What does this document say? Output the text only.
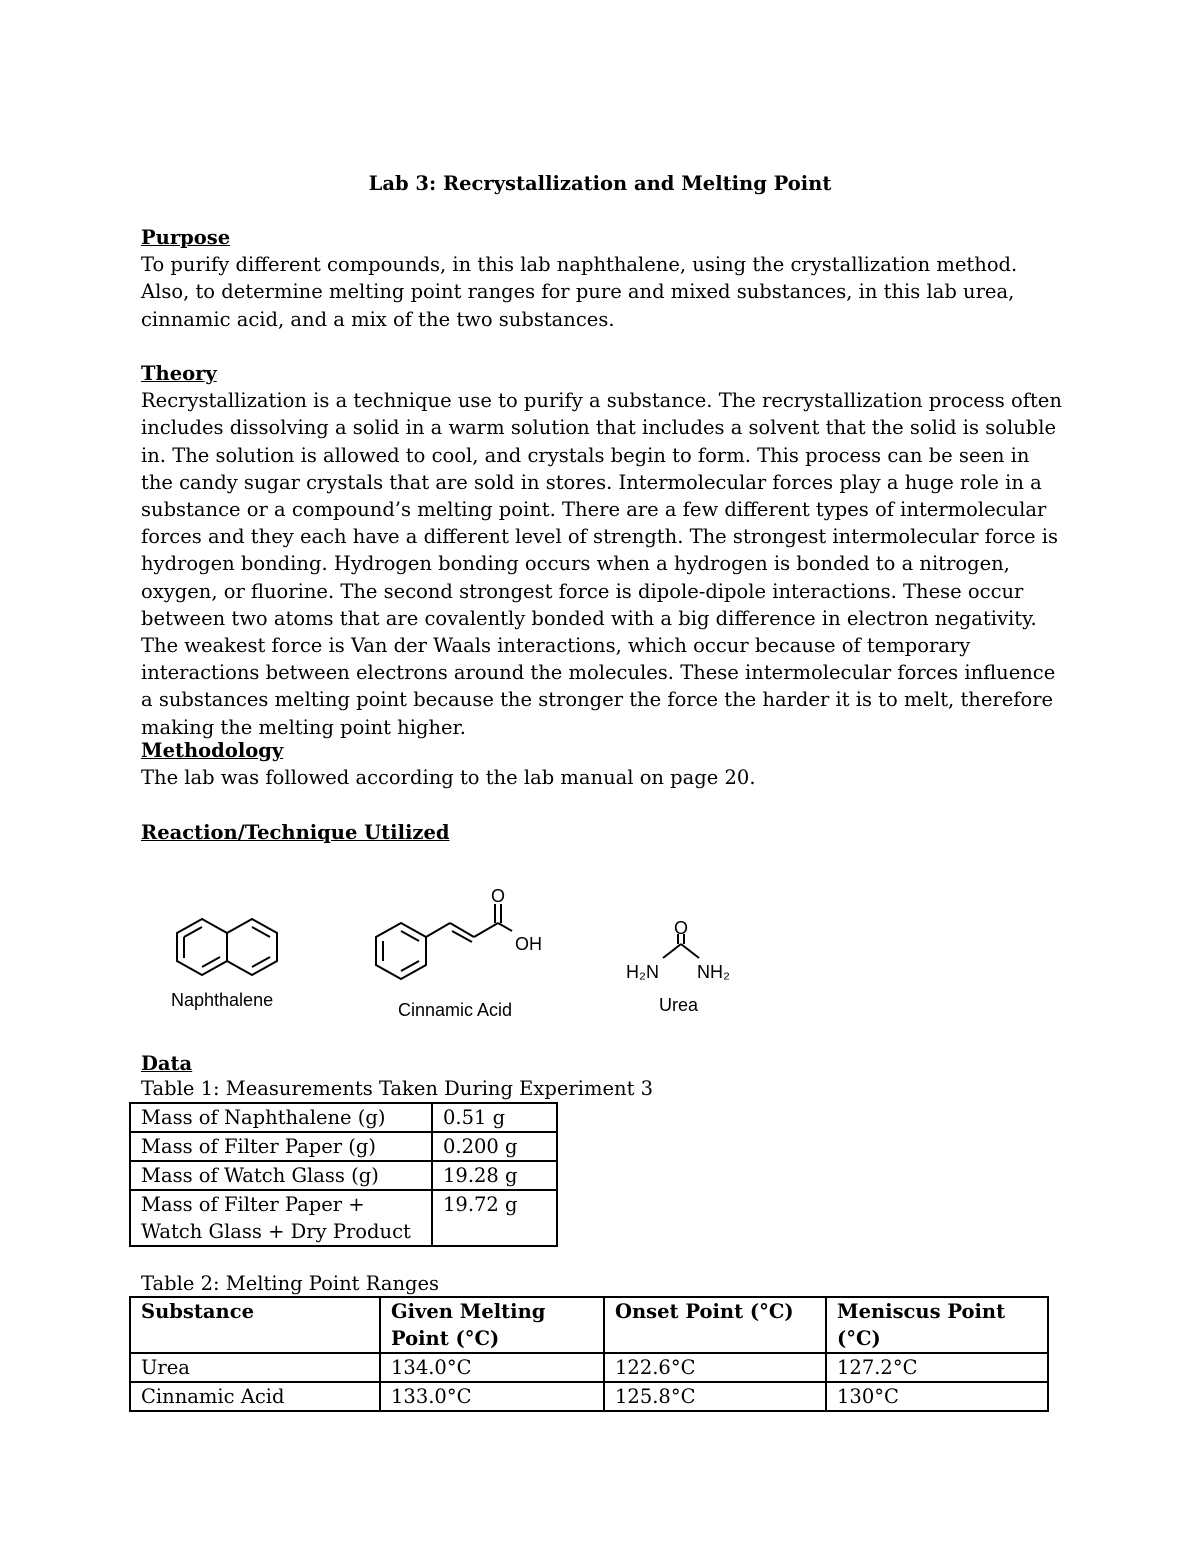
Lab 3: Recrystallization and Melting Point
Purpose

To purify different compounds, in this lab naphthalene, using the crystallization method. Also, to determine melting point ranges for pure and mixed substances, in this lab urea, cinnamic acid, and a mix of the two substances.

Theory

Recrystallization is a technique use to purify a substance. The recrystallization process often includes dissolving a solid in a warm solution that includes a solvent that the solid is soluble in. The solution is allowed to cool, and crystals begin to form. This process can be seen in the candy sugar crystals that are sold in stores. Intermolecular forces play a huge role in a substance or a compound’s melting point. There are a few different types of intermolecular forces and they each have a different level of strength. The strongest intermolecular force is hydrogen bonding. Hydrogen bonding occurs when a hydrogen is bonded to a nitrogen, oxygen, or fluorine. The second strongest force is dipole-dipole interactions. These occur between two atoms that are covalently bonded with a big difference in electron negativity. The weakest force is Van der Waals interactions, which occur because of temporary interactions between electrons around the molecules. These intermolecular forces influence a substances melting point because the stronger the force the harder it is to melt, therefore making the melting point higher.

Methodology

The lab was followed according to the lab manual on page 20.

Reaction/Technique Utilized
Naphthalene
O
OH
Cinnamic Acid
O
H₂N NH₂
Urea
Data
Table 1: Measurements Taken During Experiment 3
Mass of Naphthalene (g)	0.51 g
Mass of Filter Paper (g)	0.200 g
Mass of Watch Glass (g)	19.28 g
Mass of Filter Paper + Watch Glass + Dry Product	19.72 g
Table 2: Melting Point Ranges
Substance	Given Melting Point (°C)	Onset Point (°C)	Meniscus Point (°C)
Urea	134.0°C	122.6°C	127.2°C
Cinnamic Acid	133.0°C	125.8°C	130°C
